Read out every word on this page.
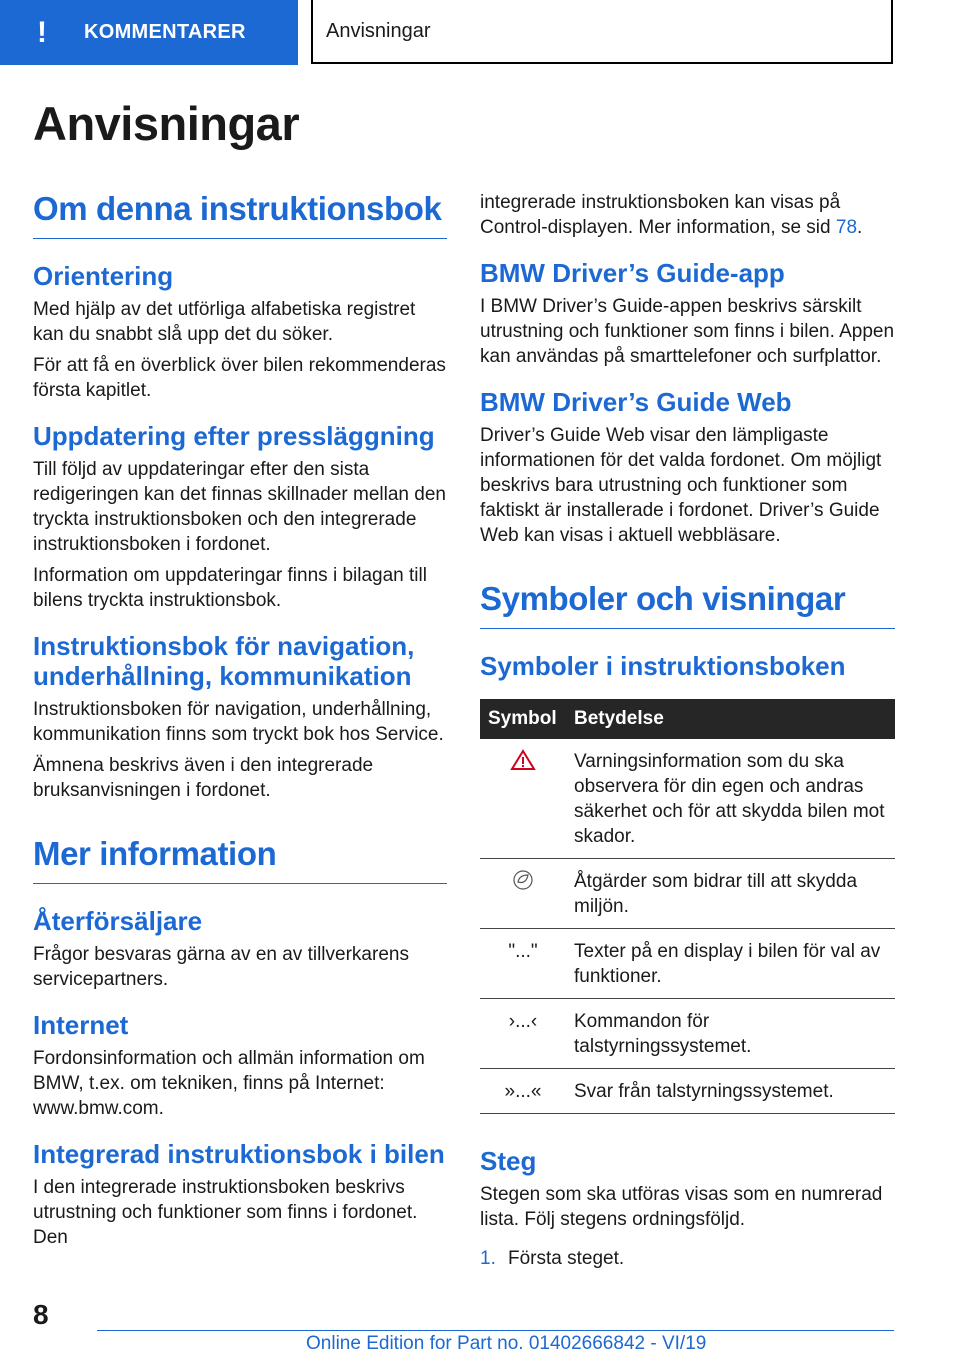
!	KOMMENTARER	Anvisningar
Anvisningar
Om denna instruktionsbok
Orientering

Med hjälp av det utförliga alfabetiska registret kan du snabbt slå upp det du söker.

För att få en överblick över bilen rekommenderas första kapitlet.

Uppdatering efter pressläggning

Till följd av uppdateringar efter den sista redigeringen kan det finnas skillnader mellan den tryckta instruktionsboken och den integrerade instruktionsboken i fordonet.

Information om uppdateringar finns i bilagan till bilens tryckta instruktionsbok.

Instruktionsbok för navigation, underhållning, kommunikation

Instruktionsboken för navigation, underhållning, kommunikation finns som tryckt bok hos Service.

Ämnena beskrivs även i den integrerade bruksanvisningen i fordonet.

Mer information
Återförsäljare

Frågor besvaras gärna av en av tillverkarens servicepartners.

Internet

Fordonsinformation och allmän information om BMW, t.ex. om tekniken, finns på Internet: www.bmw.com.

Integrerad instruktionsbok i bilen

I den integrerade instruktionsboken beskrivs utrustning och funktioner som finns i fordonet. Den

integrerade instruktionsboken kan visas på Control-displayen. Mer information, se sid 78.

BMW Driver’s Guide-app

I BMW Driver’s Guide-appen beskrivs särskilt utrustning och funktioner som finns i bilen. Appen kan användas på smarttelefoner och surfplattor.

BMW Driver’s Guide Web

Driver’s Guide Web visar den lämpligaste informationen för det valda fordonet. Om möjligt beskrivs bara utrustning och funktioner som faktiskt är installerade i fordonet. Driver’s Guide Web kan visas i aktuell webbläsare.

Symboler och visningar
Symboler i instruktionsboken
Symbol	Betydelse
	Varningsinformation som du ska observera för din egen och andras säkerhet och för att skydda bilen mot skador.
	Åtgärder som bidrar till att skydda miljön.
"..."	Texter på en display i bilen för val av funktioner.
›...‹	Kommandon för talstyrningssystemet.
»...«	Svar från talstyrningssystemet.
Steg

Stegen som ska utföras visas som en numrerad lista. Följ stegens ordningsföljd.

1. Första steget.

8
Online Edition for Part no. 01402666842 - VI/19
